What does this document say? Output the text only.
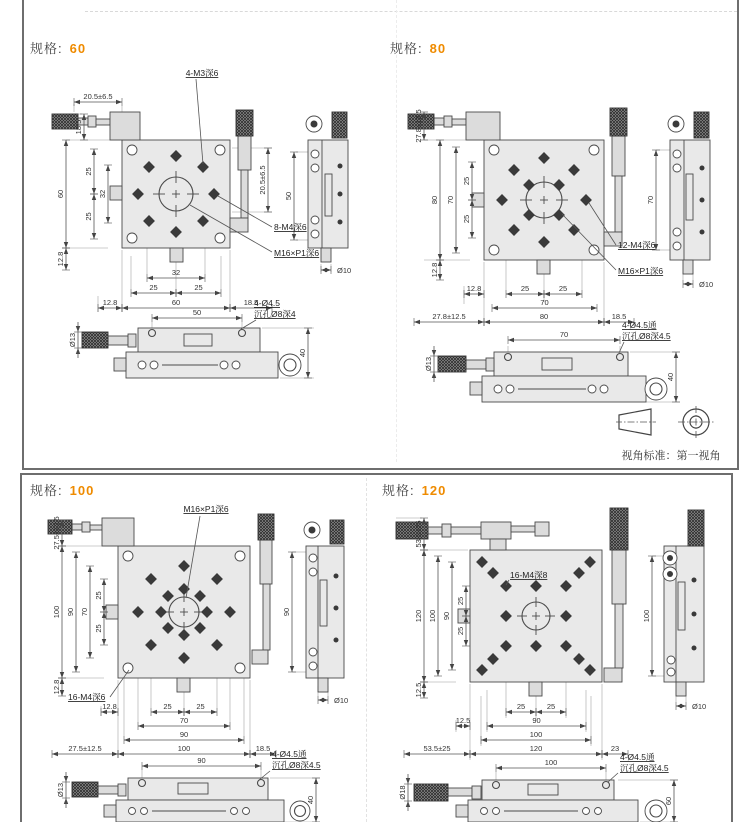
规格: 60	规格: 80
规格: 100	规格: 120
20.5±6.5
32
25	25
12.8	60	18.5
50
Ø10
18.5
60
25
25
32
12.8
20.5±6.5
50
40
Ø13
4-M3深6
8-M4深6
M16×P1深6
4-Ø4.5
沉孔Ø8深4
12.8	25	25
70
27.8±12.5	80	18.5
70
Ø10
27.8±12.5
80 70
25
25
12.8
70
40
Ø13
12-M4深6
M16×P1深6
4-Ø4.5通
沉孔Ø8深4.5
25	25
12.8
70
90
27.5±12.5	100	18.5
90
Ø10
27.5±12.5
100 90 70
25
25
12.8
90
40
Ø13
M16×P1深6
16-M4深6
4-Ø4.5通
沉孔Ø8深4.5
25	25
12.5	90
100
53.5±25	120	23
100
Ø10
53.5±25
120 100 90
25
25
12.5
100
60
Ø18
16-M4深8
4-Ø4.5通
沉孔Ø8深4.5
视角标准：第一视角
